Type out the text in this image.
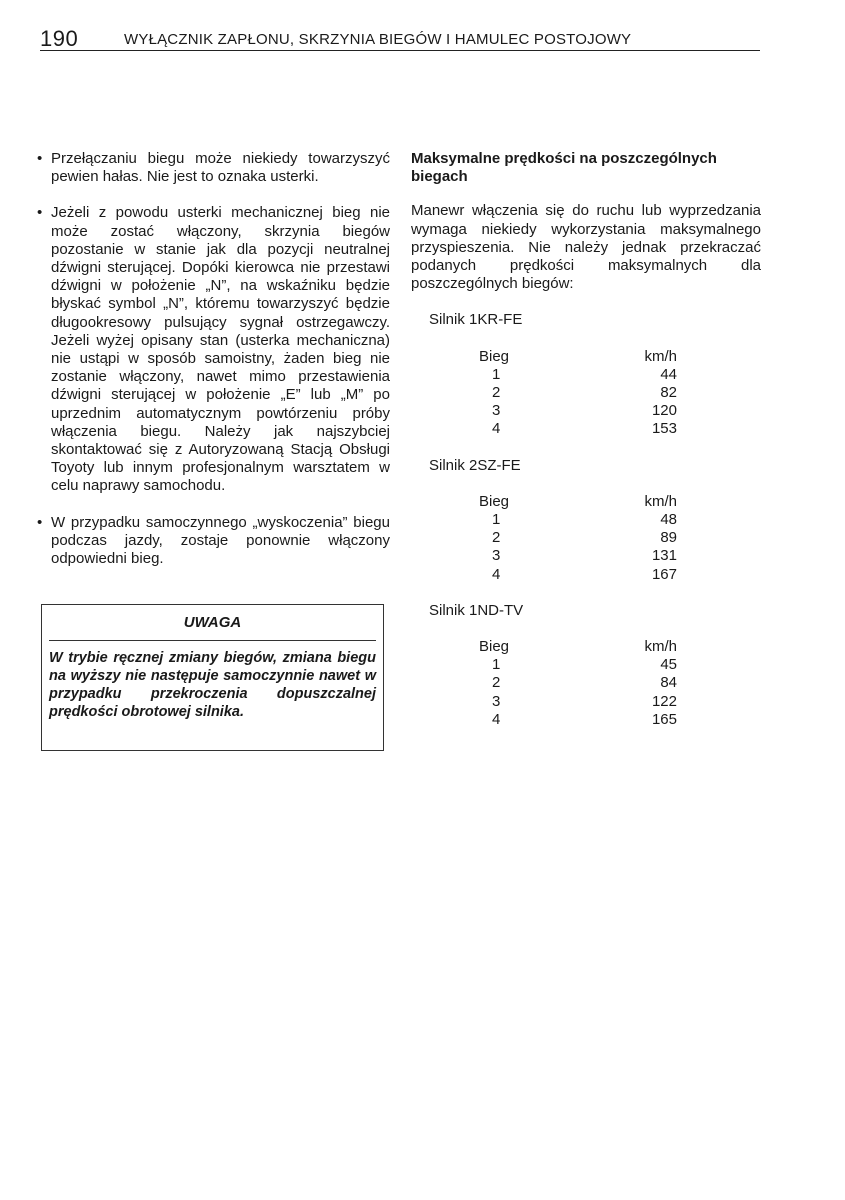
190	WYŁĄCZNIK ZAPŁONU, SKRZYNIA BIEGÓW I HAMULEC POSTOJOWY
• Przełączaniu biegu może niekiedy towarzyszyć pewien hałas. Nie jest to oznaka usterki.
• Jeżeli z powodu usterki mechanicznej bieg nie może zostać włączony, skrzynia biegów pozostanie w stanie jak dla pozycji neutralnej dźwigni sterującej. Dopóki kierowca nie przestawi dźwigni w położenie „N”, na wskaźniku będzie błyskać symbol „N”, któremu towarzyszyć będzie długookresowy pulsujący sygnał ostrzegawczy. Jeżeli wyżej opisany stan (usterka mechaniczna) nie ustąpi w sposób samoistny, żaden bieg nie zostanie włączony, nawet mimo przestawienia dźwigni sterującej w położenie „E” lub „M” po uprzednim automatycznym powtórzeniu próby włączenia biegu. Należy jak najszybciej skontaktować się z Autoryzowaną Stacją Obsługi Toyoty lub innym profesjonalnym warsztatem w celu naprawy samochodu.
• W przypadku samoczynnego „wyskoczenia” biegu podczas jazdy, zostaje ponownie włączony odpowiedni bieg.
UWAGA
W trybie ręcznej zmiany biegów, zmiana biegu na wyższy nie następuje samoczynnie nawet w przypadku przekroczenia dopuszczalnej prędkości obrotowej silnika.
Maksymalne prędkości na poszczególnych biegach
Manewr włączenia się do ruchu lub wyprzedzania wymaga niekiedy wykorzystania maksymalnego przyspieszenia. Nie należy jednak przekraczać podanych prędkości maksymalnych dla poszczególnych biegów:
Silnik 1KR-FE
Bieg	km/h
1	44
2	82
3	120
4	153
Silnik 2SZ-FE
Bieg	km/h
1	48
2	89
3	131
4	167
Silnik 1ND-TV
Bieg	km/h
1	45
2	84
3	122
4	165
